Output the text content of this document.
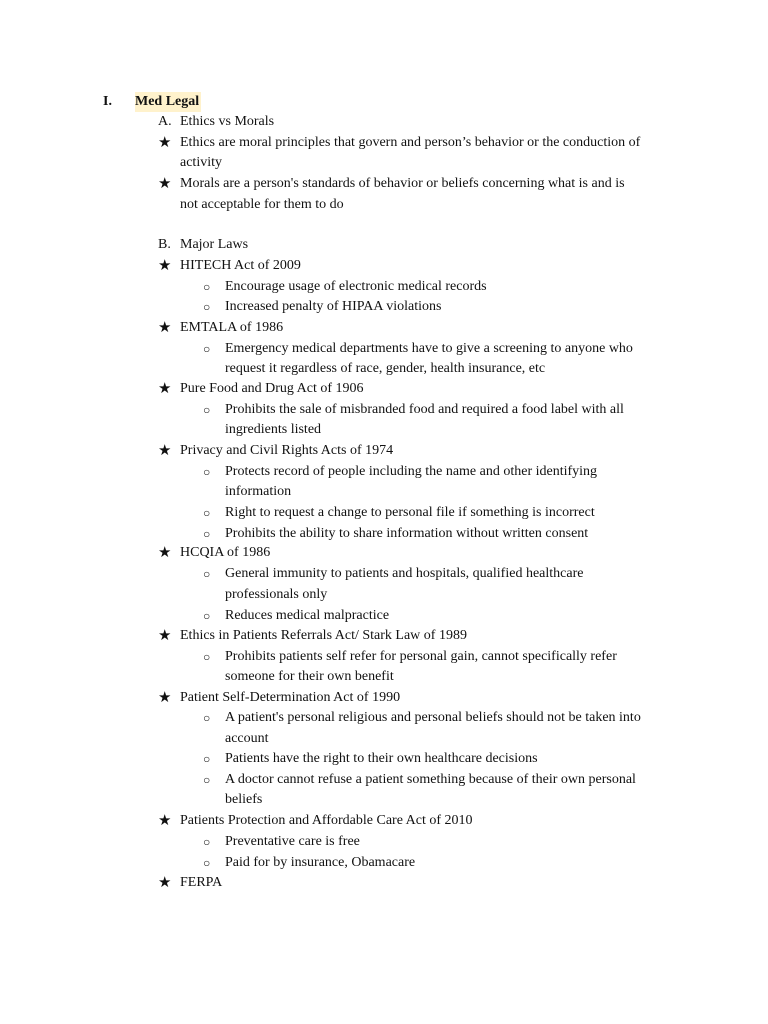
I. Med Legal
A. Ethics vs Morals
★ Ethics are moral principles that govern and person’s behavior or the conduction of
activity
★ Morals are a person's standards of behavior or beliefs concerning what is and is
not acceptable for them to do
B. Major Laws
★ HITECH Act of 2009
○ Encourage usage of electronic medical records
○ Increased penalty of HIPAA violations
★ EMTALA of 1986
○ Emergency medical departments have to give a screening to anyone who
request it regardless of race, gender, health insurance, etc
★ Pure Food and Drug Act of 1906
○ Prohibits the sale of misbranded food and required a food label with all
ingredients listed
★ Privacy and Civil Rights Acts of 1974
○ Protects record of people including the name and other identifying
information
○ Right to request a change to personal file if something is incorrect
○ Prohibits the ability to share information without written consent
★ HCQIA of 1986
○ General immunity to patients and hospitals, qualified healthcare
professionals only
○ Reduces medical malpractice
★ Ethics in Patients Referrals Act/ Stark Law of 1989
○ Prohibits patients self refer for personal gain, cannot specifically refer
someone for their own benefit
★ Patient Self-Determination Act of 1990
○ A patient's personal religious and personal beliefs should not be taken into
account
○ Patients have the right to their own healthcare decisions
○ A doctor cannot refuse a patient something because of their own personal
beliefs
★ Patients Protection and Affordable Care Act of 2010
○ Preventative care is free
○ Paid for by insurance, Obamacare
★ FERPA
